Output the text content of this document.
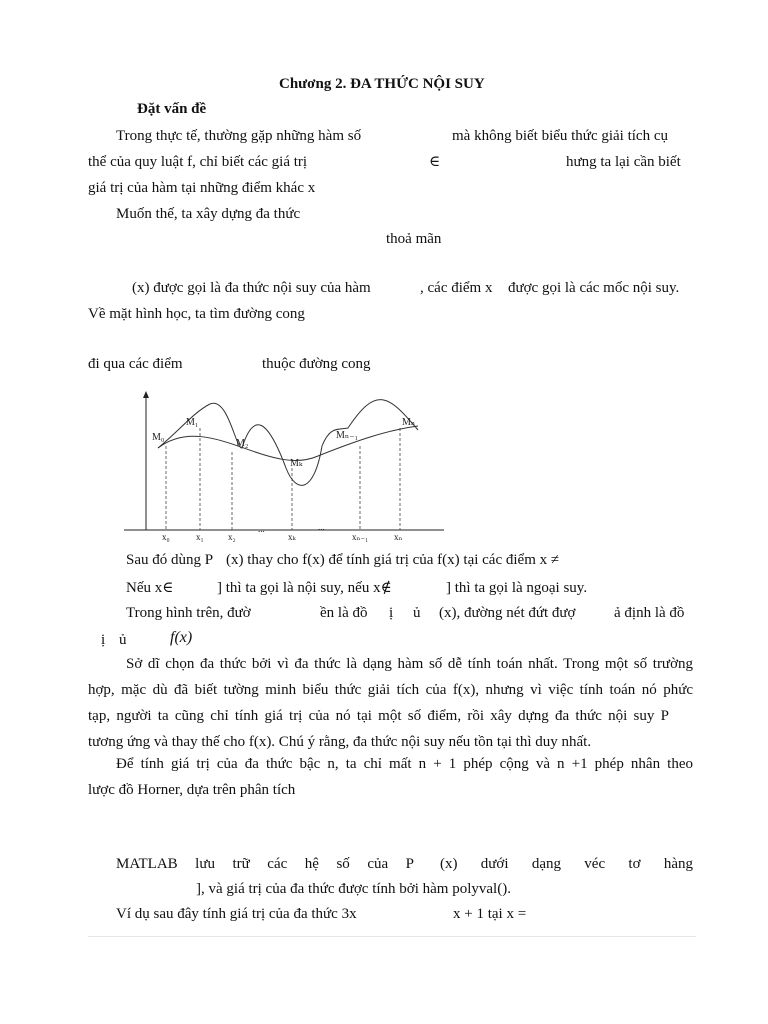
Chương 2. ĐA THỨC NỘI SUY
Đặt vấn đề
Trong thực tế, thường gặp những hàm số	mà không biết biểu thức giải tích cụ
thể của quy luật f, chỉ biết các giá trị	∈	hưng ta lại cần biết
giá trị của hàm tại những điểm khác x
Muốn thế, ta xây dựng đa thức
thoả mãn
(x) được gọi là đa thức nội suy của hàm	, các điểm x được gọi là các mốc nội suy.
Về mặt hình học, ta tìm đường cong
đi qua các điểm	thuộc đường cong
M₀
M₁
M₂
Mₖ
Mₙ₋₁
Mₙ
x₀	x₁	x₂
...
xₖ
...
xₙ₋₁	xₙ
Sau đó dùng P (x) thay cho f(x) để tính giá trị của f(x) tại các điểm x ≠
Nếu x∈	] thì ta gọi là nội suy, nếu x∉	] thì ta gọi là ngoại suy.
Trong hình trên, đườ	ền là đồ ị ủ (x), đường nét đứt đượ	ả định là đồ
ị ủ	f(x)
Sở dĩ chọn đa thức bởi vì đa thức là dạng hàm số dễ tính toán nhất. Trong một số trường
hợp, mặc dù đã biết tường minh biểu thức giải tích của f(x), nhưng vì việc tính toán nó phức
tạp, người ta cũng chỉ tính giá trị của nó tại một số điểm, rồi xây dựng đa thức nội suy P
tương ứng và thay thế cho f(x). Chú ý rằng, đa thức nội suy nếu tồn tại thì duy nhất.
Để tính giá trị của đa thức bậc n, ta chỉ mất n + 1 phép cộng và n +1 phép nhân theo
lược đồ Horner, dựa trên phân tích
MATLAB lưu trữ các hệ số của P (x) dưới dạng véc tơ hàng
], và giá trị của đa thức được tính bởi hàm polyval().
Ví dụ sau đây tính giá trị của đa thức 3x	x + 1 tại x =
